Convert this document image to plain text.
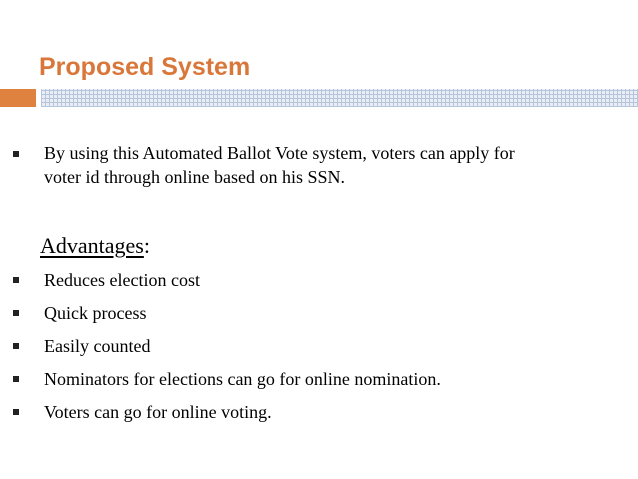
Proposed System
By using this Automated Ballot Vote system, voters can apply for
voter id through online based on his SSN.
Advantages:
Reduces election cost
Quick process
Easily counted
Nominators for elections can go for online nomination.
Voters can go for online voting.
